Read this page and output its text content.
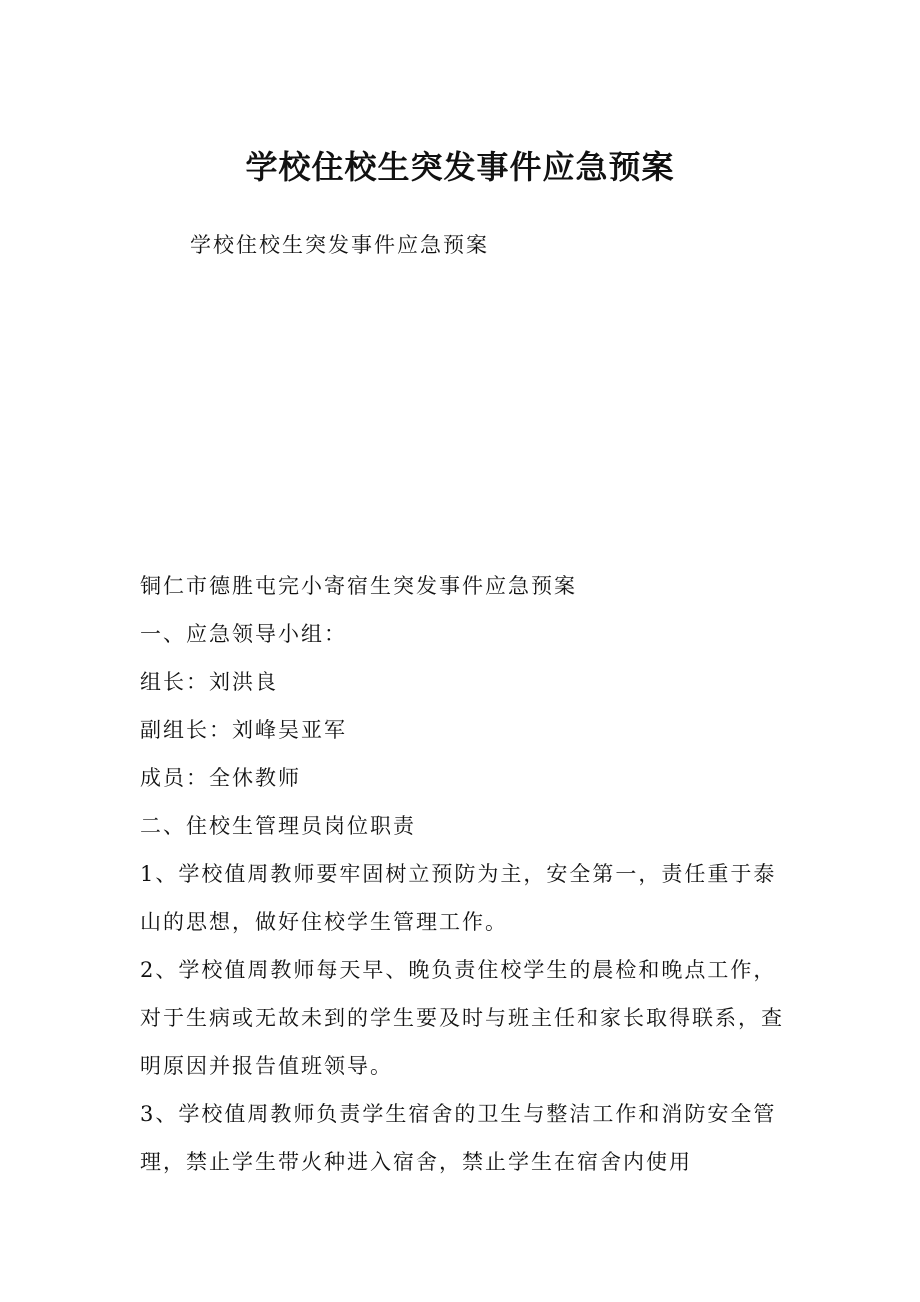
学校住校生突发事件应急预案

学校住校生突发事件应急预案

铜仁市德胜屯完小寄宿生突发事件应急预案

一、应急领导小组：

组长：刘洪良

副组长：刘峰吴亚军

成员：全休教师

二、住校生管理员岗位职责

1、学校值周教师要牢固树立预防为主，安全第一，责任重于泰山的思想，做好住校学生管理工作。

2、学校值周教师每天早、晚负责住校学生的晨检和晚点工作，对于生病或无故未到的学生要及时与班主任和家长取得联系，查明原因并报告值班领导。

3、学校值周教师负责学生宿舍的卫生与整洁工作和消防安全管理，禁止学生带火种进入宿舍，禁止学生在宿舍内使用
